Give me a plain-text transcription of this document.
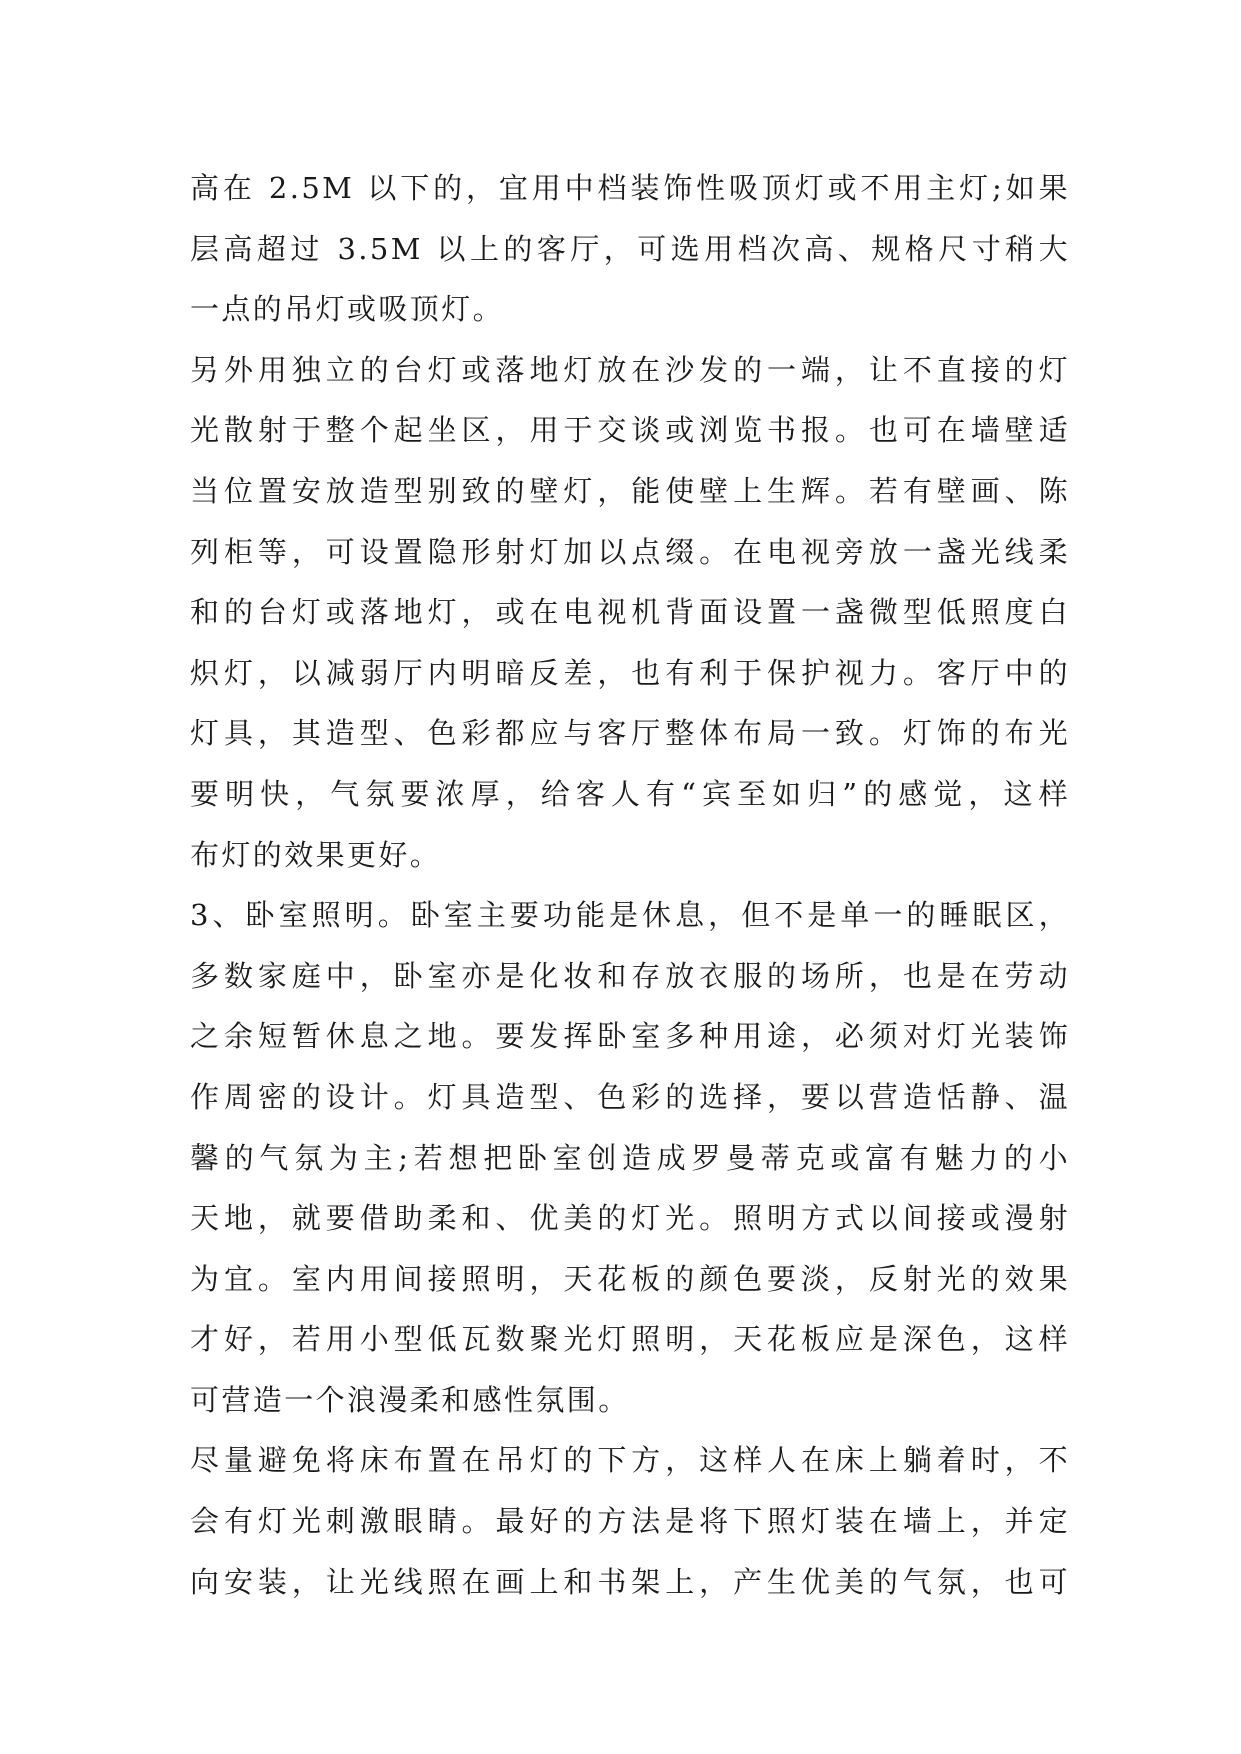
高在 2.5M 以下的，宜用中档装饰性吸顶灯或不用主灯;如果
层高超过 3.5M 以上的客厅，可选用档次高、规格尺寸稍大
一点的吊灯或吸顶灯。
另外用独立的台灯或落地灯放在沙发的一端，让不直接的灯
光散射于整个起坐区，用于交谈或浏览书报。也可在墙壁适
当位置安放造型别致的壁灯，能使壁上生辉。若有壁画、陈
列柜等，可设置隐形射灯加以点缀。在电视旁放一盏光线柔
和的台灯或落地灯，或在电视机背面设置一盏微型低照度白
炽灯，以减弱厅内明暗反差，也有利于保护视力。客厅中的
灯具，其造型、色彩都应与客厅整体布局一致。灯饰的布光
要明快，气氛要浓厚，给客人有“宾至如归”的感觉，这样
布灯的效果更好。
3、卧室照明。卧室主要功能是休息，但不是单一的睡眠区，
多数家庭中，卧室亦是化妆和存放衣服的场所，也是在劳动
之余短暂休息之地。要发挥卧室多种用途，必须对灯光装饰
作周密的设计。灯具造型、色彩的选择，要以营造恬静、温
馨的气氛为主;若想把卧室创造成罗曼蒂克或富有魅力的小
天地，就要借助柔和、优美的灯光。照明方式以间接或漫射
为宜。室内用间接照明，天花板的颜色要淡，反射光的效果
才好，若用小型低瓦数聚光灯照明，天花板应是深色，这样
可营造一个浪漫柔和感性氛围。
尽量避免将床布置在吊灯的下方，这样人在床上躺着时，不
会有灯光刺激眼睛。最好的方法是将下照灯装在墙上，并定
向安装，让光线照在画上和书架上，产生优美的气氛，也可
